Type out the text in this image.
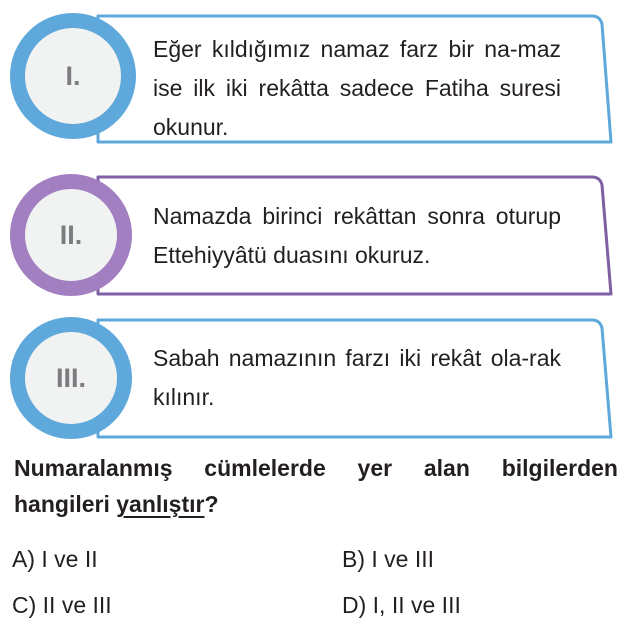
I.
Eğer kıldığımız namaz farz bir na-maz ise ilk iki rekâtta sadece Fatiha suresi okunur.
II.
Namazda birinci rekâttan sonra oturup Ettehiyyâtü duasını okuruz.
III.
Sabah namazının farzı iki rekât ola-rak kılınır.
Numaralanmış cümlelerde yer alan bilgilerden hangileri yanlıştır?
A) I ve II	B) I ve III
C) II ve III	D) I, II ve III
